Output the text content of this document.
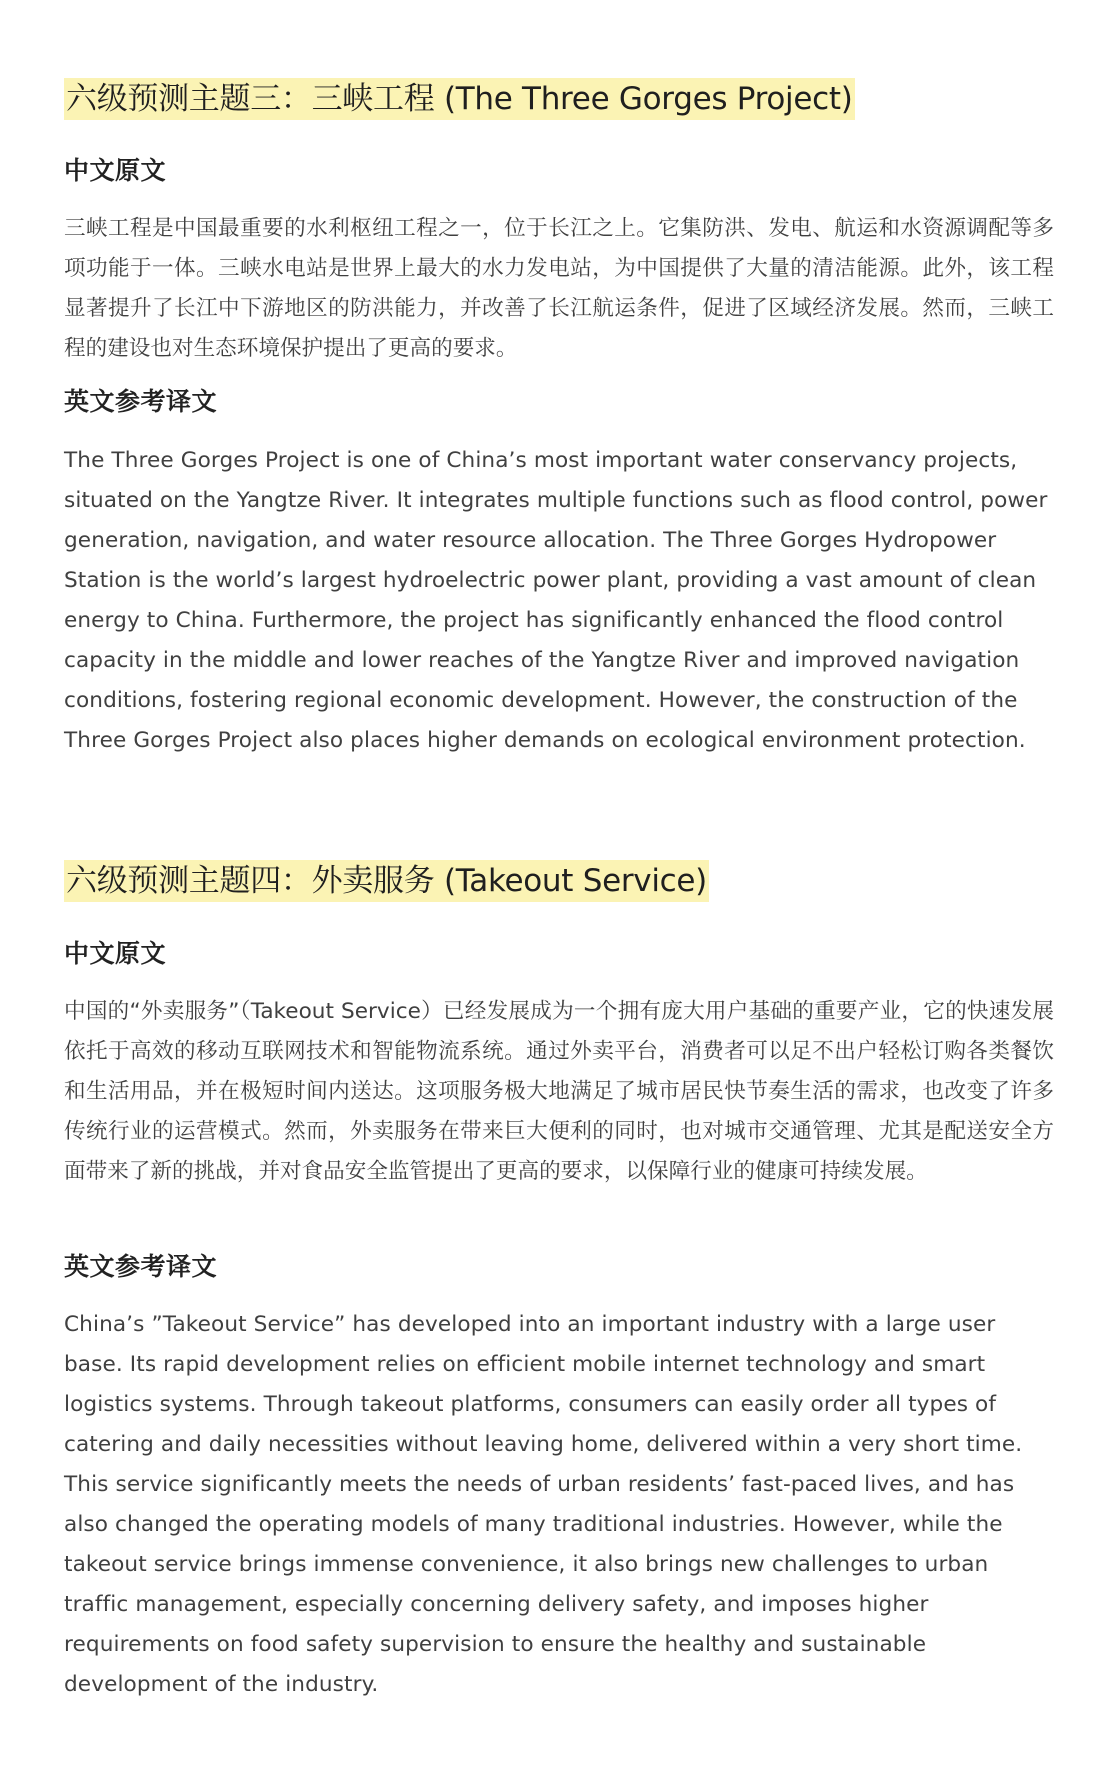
六级预测主题三：三峡工程 (The Three Gorges Project)
中文原文

三峡工程是中国最重要的水利枢纽工程之一，位于长江之上。它集防洪、发电、航运和水资源调配等多项功能于一体。三峡水电站是世界上最大的水力发电站，为中国提供了大量的清洁能源。此外，该工程显著提升了长江中下游地区的防洪能力，并改善了长江航运条件，促进了区域经济发展。然而，三峡工程的建设也对生态环境保护提出了更高的要求。

英文参考译文

The Three Gorges Project is one of China’s most important water conservancy projects, situated on the Yangtze River. It integrates multiple functions such as flood control, power generation, navigation, and water resource allocation. The Three Gorges Hydropower Station is the world’s largest hydroelectric power plant, providing a vast amount of clean energy to China. Furthermore, the project has significantly enhanced the flood control capacity in the middle and lower reaches of the Yangtze River and improved navigation conditions, fostering regional economic development. However, the construction of the Three Gorges Project also places higher demands on ecological environment protection.

六级预测主题四：外卖服务 (Takeout Service)
中文原文

中国的“外卖服务”（Takeout Service）已经发展成为一个拥有庞大用户基础的重要产业，它的快速发展依托于高效的移动互联网技术和智能物流系统。通过外卖平台，消费者可以足不出户轻松订购各类餐饮和生活用品，并在极短时间内送达。这项服务极大地满足了城市居民快节奏生活的需求，也改变了许多传统行业的运营模式。然而，外卖服务在带来巨大便利的同时，也对城市交通管理、尤其是配送安全方面带来了新的挑战，并对食品安全监管提出了更高的要求，以保障行业的健康可持续发展。

英文参考译文

China’s ”Takeout Service” has developed into an important industry with a large user base. Its rapid development relies on efficient mobile internet technology and smart logistics systems. Through takeout platforms, consumers can easily order all types of catering and daily necessities without leaving home, delivered within a very short time. This service significantly meets the needs of urban residents’ fast-paced lives, and has also changed the operating models of many traditional industries. However, while the takeout service brings immense convenience, it also brings new challenges to urban traffic management, especially concerning delivery safety, and imposes higher requirements on food safety supervision to ensure the healthy and sustainable development of the industry.
